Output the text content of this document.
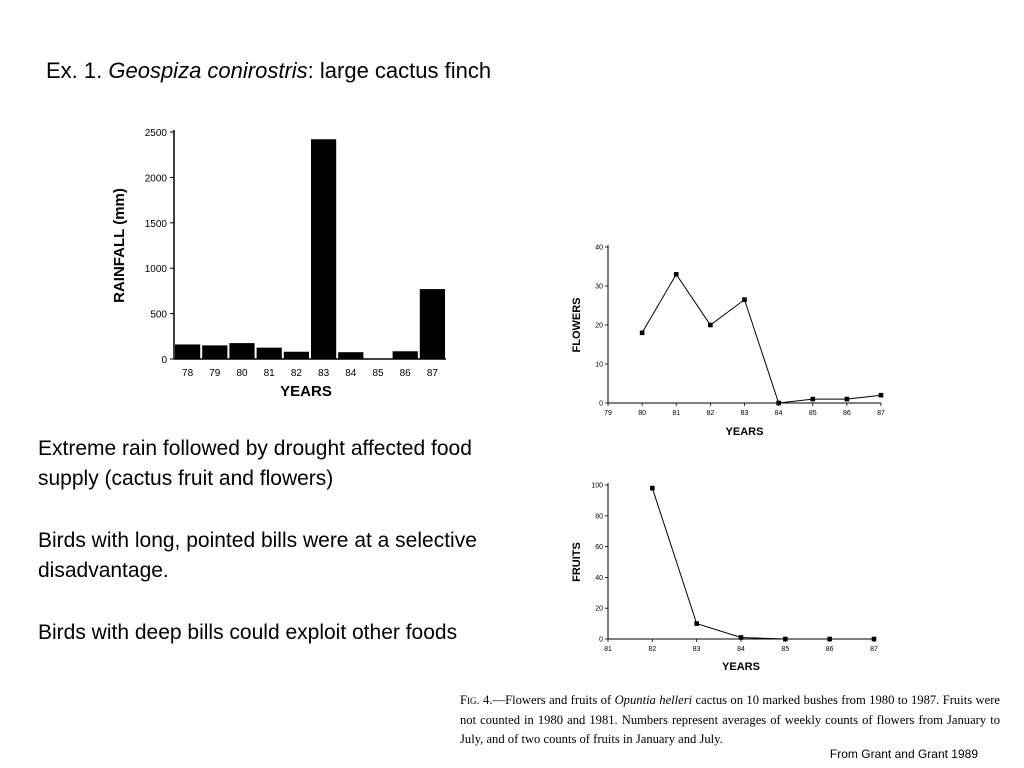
Ex. 1. Geospiza conirostris: large cactus finch
0
500
1000
1500
2000
2500
78 79 80 81 82 83 84 85 86 87
YEARS
RAINFALL (mm)
0
10
20
30
40
79	80	81	82	83	84	85	86	87
YEARS
FLOWERS
0
20
40
60
80
100
81	82	83	84	85	86	87
YEARS
FRUITS

Extreme rain followed by drought affected food supply (cactus fruit and flowers)

Birds with long, pointed bills were at a selective disadvantage.

Birds with deep bills could exploit other foods

Fig. 4.—Flowers and fruits of Opuntia helleri cactus on 10 marked bushes from 1980 to 1987. Fruits were not counted in 1980 and 1981. Numbers represent averages of weekly counts of flowers from January to July, and of two counts of fruits in January and July.

From Grant and Grant 1989
